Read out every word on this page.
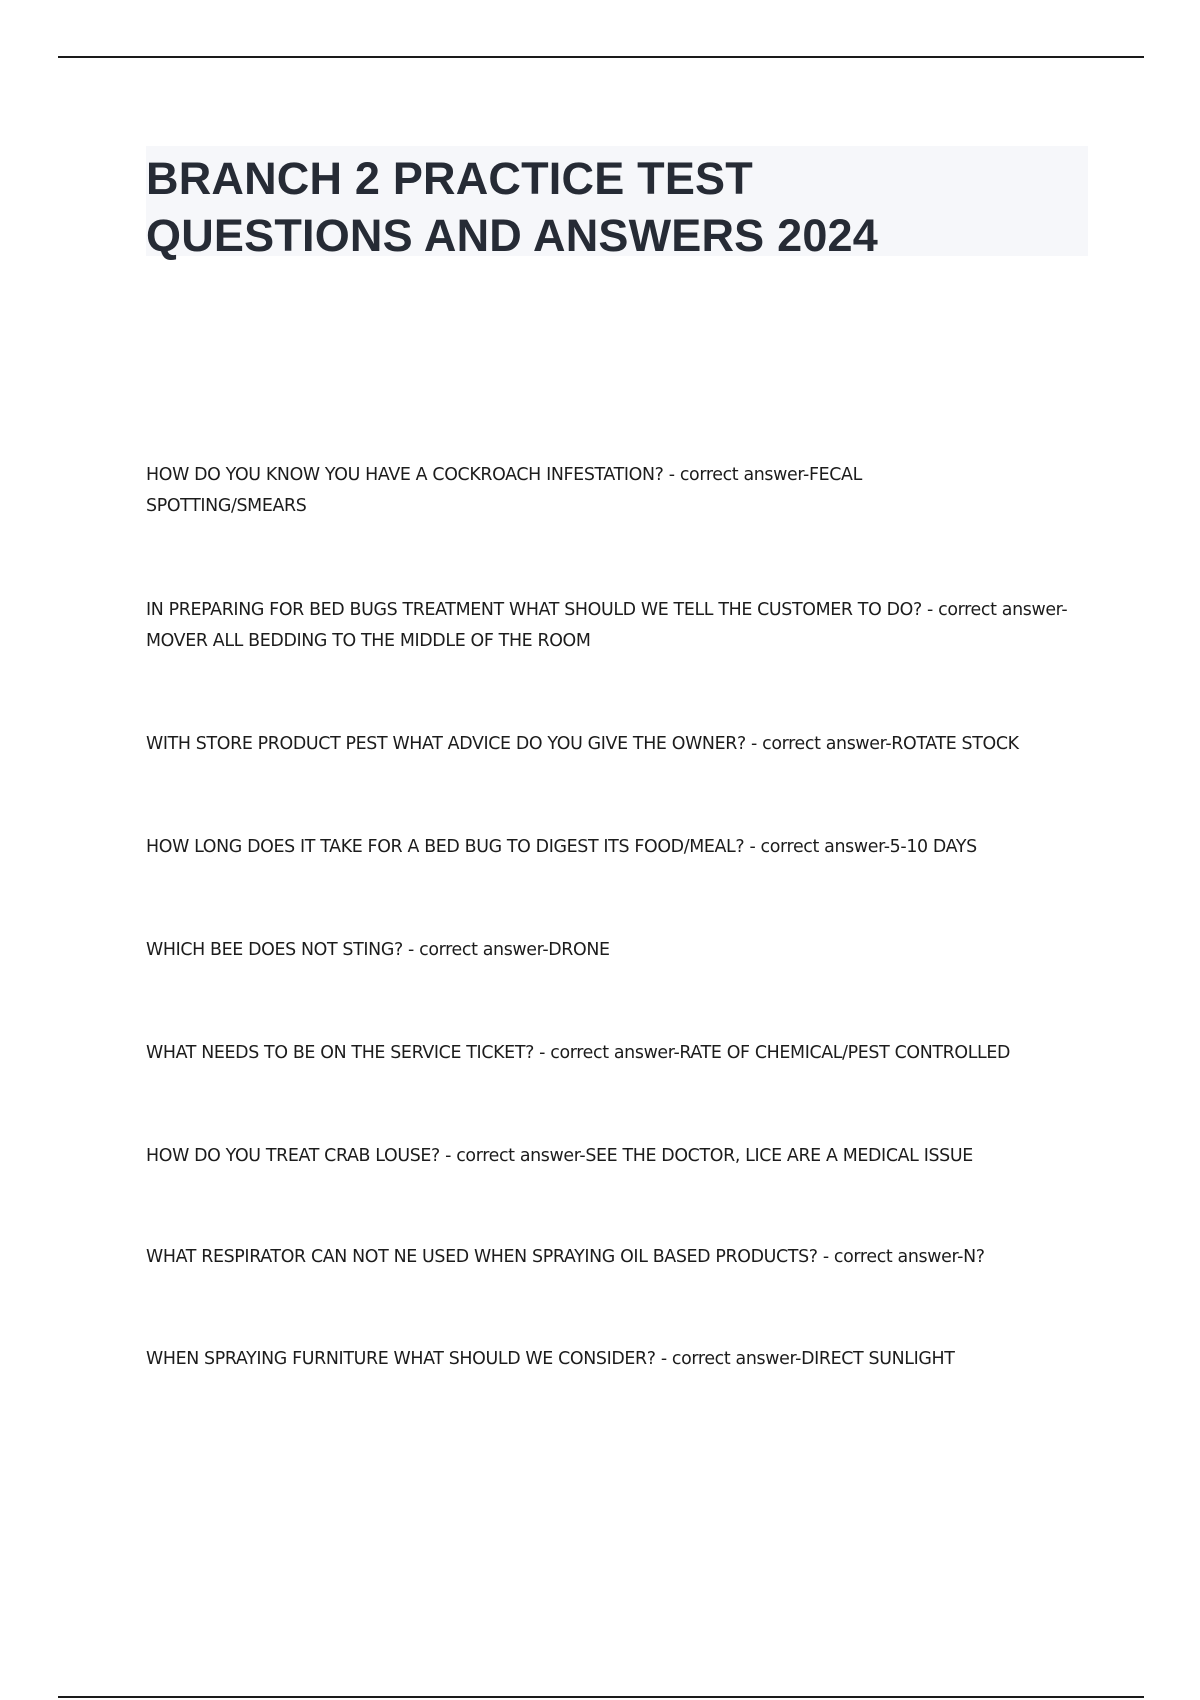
BRANCH 2 PRACTICE TEST
QUESTIONS AND ANSWERS 2024

HOW DO YOU KNOW YOU HAVE A COCKROACH INFESTATION? - correct answer-FECAL SPOTTING/SMEARS

IN PREPARING FOR BED BUGS TREATMENT WHAT SHOULD WE TELL THE CUSTOMER TO DO? - correct answer-MOVER ALL BEDDING TO THE MIDDLE OF THE ROOM

WITH STORE PRODUCT PEST WHAT ADVICE DO YOU GIVE THE OWNER? - correct answer-ROTATE STOCK

HOW LONG DOES IT TAKE FOR A BED BUG TO DIGEST ITS FOOD/MEAL? - correct answer-5-10 DAYS

WHICH BEE DOES NOT STING? - correct answer-DRONE

WHAT NEEDS TO BE ON THE SERVICE TICKET? - correct answer-RATE OF CHEMICAL/PEST CONTROLLED

HOW DO YOU TREAT CRAB LOUSE? - correct answer-SEE THE DOCTOR, LICE ARE A MEDICAL ISSUE

WHAT RESPIRATOR CAN NOT NE USED WHEN SPRAYING OIL BASED PRODUCTS? - correct answer-N?

WHEN SPRAYING FURNITURE WHAT SHOULD WE CONSIDER? - correct answer-DIRECT SUNLIGHT
